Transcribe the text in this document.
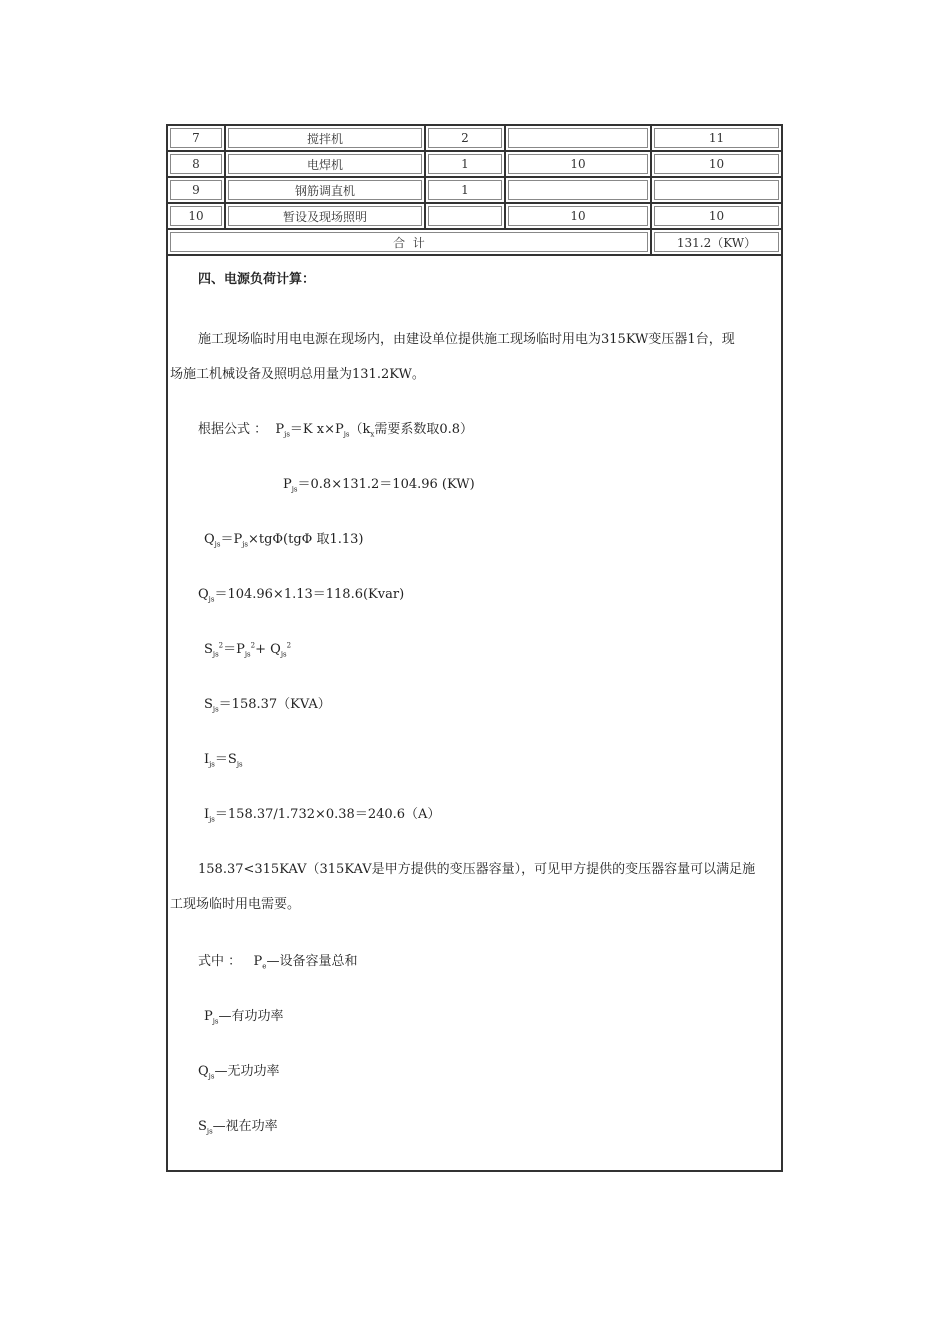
7	搅拌机	2		11

8	电焊机	1	10	10

9	钢筋调直机	1		

10	暂设及现场照明		10	10

合  计				131.2（KW）
四、电源负荷计算：
施工现场临时用电电源在现场内，由建设单位提供施工现场临时用电为315KW变压器1台，现
场施工机械设备及照明总用量为131.2KW。
根据公式 ： $P_{js}=K$ $x\times P_{js}(k_x$需要系数取0.8）
$P_{js}=0.8\times 131.2=104.96$ (KW)
$Q_{js}=P_{js}\times tg\Phi(tg\Phi$ 取1.13)
$Q_{js}=104.96\times 1.13=118.6(Kvar)$
$S_{js}^2=P_{js}^2+ Q_{js}^2$
$S_{js}=158.37(KVA)$
$I_{js}=S_{js}$
$I_{js}=158.37/1.732\times 0.38=240.6(A)$
158.37<315KAV（315KAV是甲方提供的变压器容量），可见甲方提供的变压器容量可以满足施
工现场临时用电需要。
式中 ： $P_e—$设备容量总和
$P_{js}—$有功功率
$Q_{js}—$无功功率
$S_{js}—$视在功率
